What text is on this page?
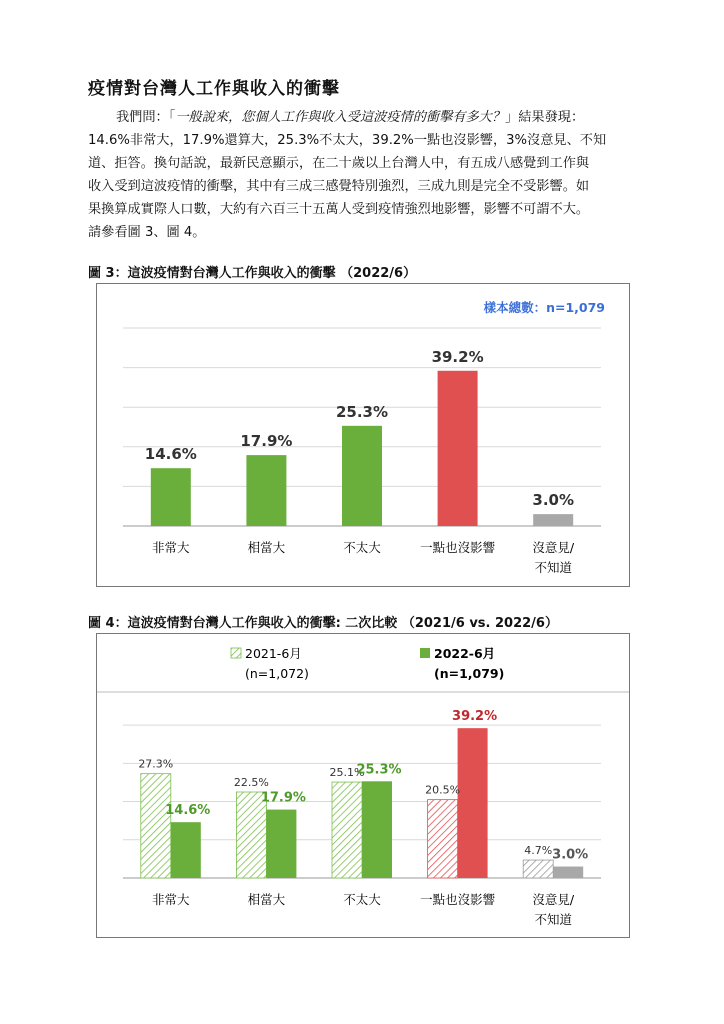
疫情對台灣人工作與收入的衝擊
我們問：「一般說來，您個人工作與收入受這波疫情的衝擊有多大？」結果發現：
14.6%非常大，17.9%還算大，25.3%不太大，39.2%一點也沒影響，3%沒意見、不知
道、拒答。換句話說，最新民意顯示，在二十歲以上台灣人中，有五成八感覺到工作與
收入受到這波疫情的衝擊，其中有三成三感覺特別強烈，三成九則是完全不受影響。如
果換算成實際人口數，大約有六百三十五萬人受到疫情強烈地影響，影響不可謂不大。
請參看圖 3、圖 4。
圖 3：這波疫情對台灣人工作與收入的衝擊 （2022/6）
樣本總數：n=1,079
14.6%
17.9%
25.3%
39.2%
3.0%
非常大	相當大	不太大	一點也沒影響	沒意見/
不知道
圖 4：這波疫情對台灣人工作與收入的衝擊: 二次比較 （2021/6 vs. 2022/6）
2021-6月
(n=1,072)
2022-6月
(n=1,079)
27.3%
14.6%
22.5%
17.9%
25.1%
25.3%
20.5%
39.2%
4.7% 3.0%
非常大	相當大	不太大	一點也沒影響	沒意見/
不知道
